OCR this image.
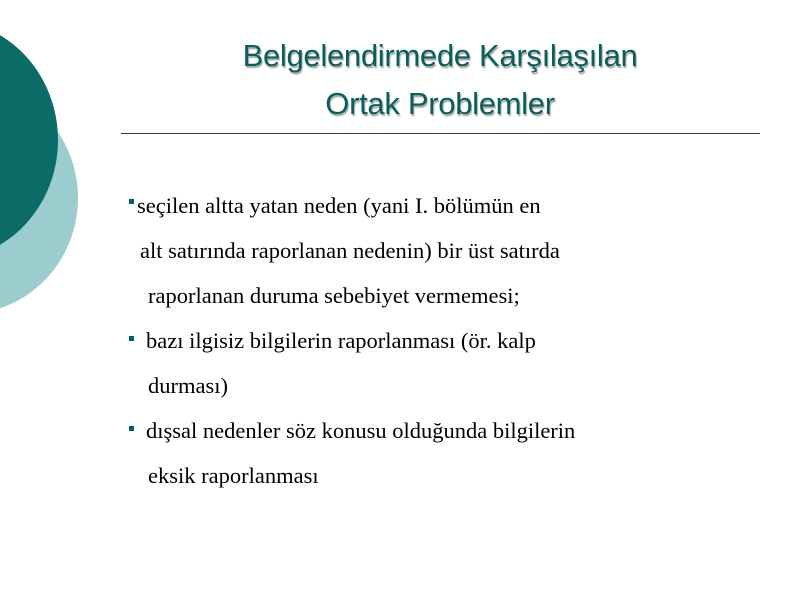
Belgelendirmede Karşılaşılan
Ortak Problemler
seçilen altta yatan neden (yani I. bölümün en
alt satırında raporlanan nedenin) bir üst satırda
raporlanan duruma sebebiyet vermemesi;
bazı ilgisiz bilgilerin raporlanması (ör. kalp
durması)
dışsal nedenler söz konusu olduğunda bilgilerin
eksik raporlanması
